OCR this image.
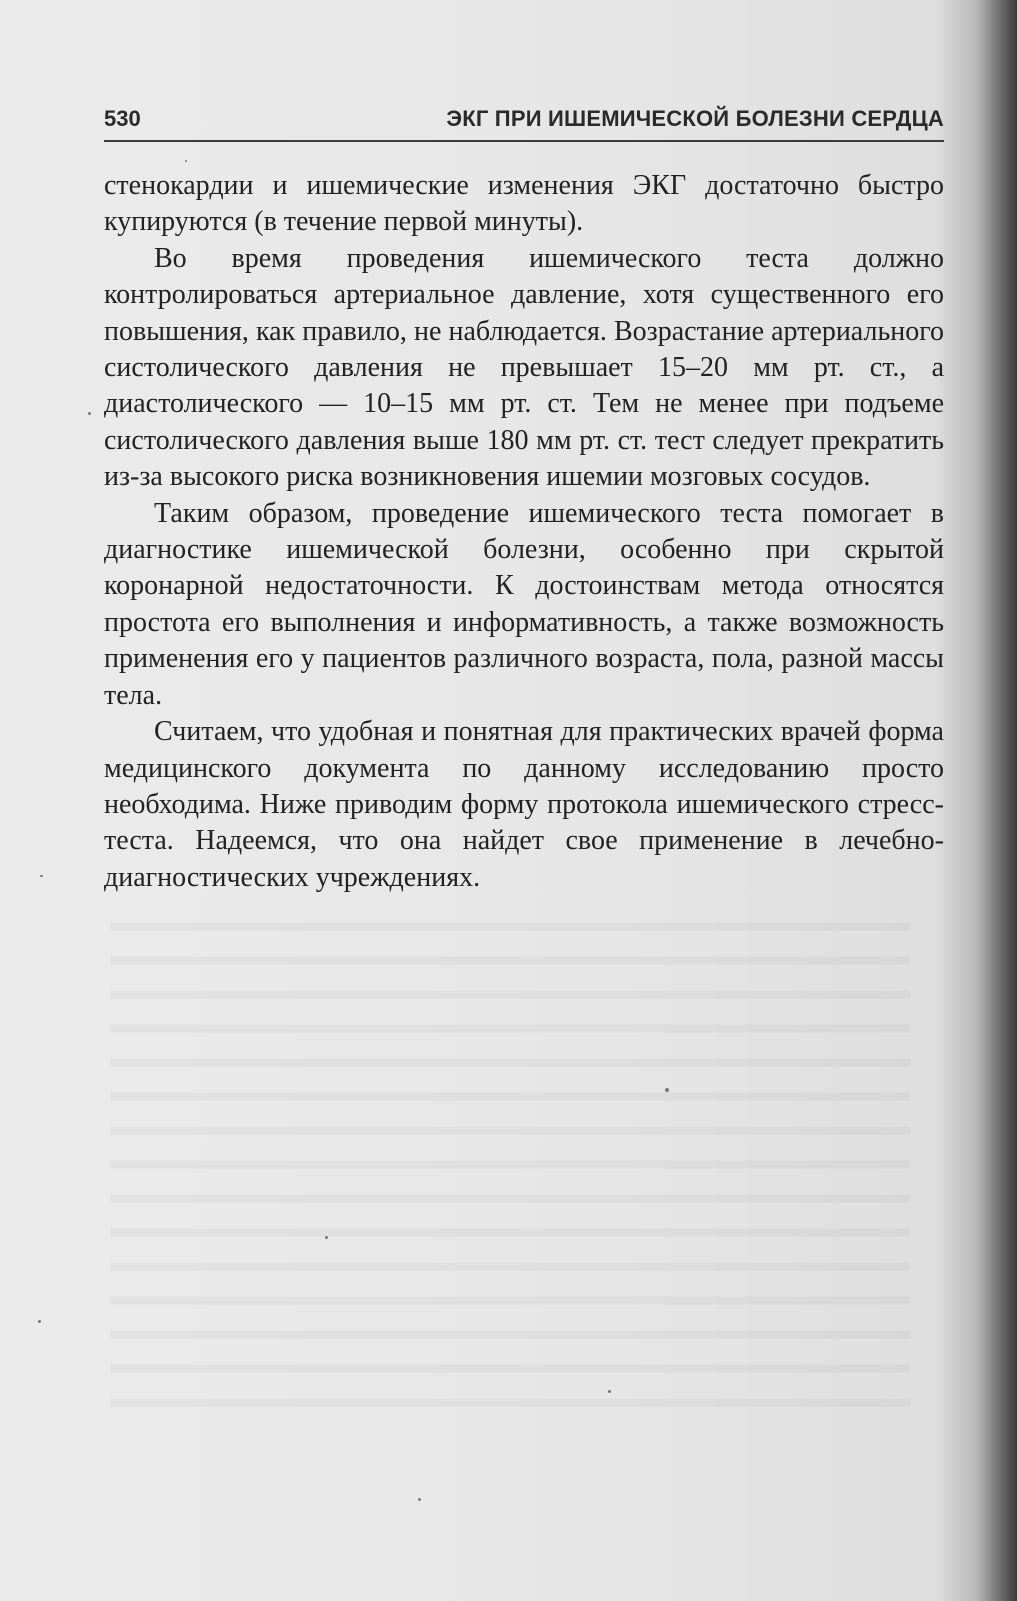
530	ЭКГ ПРИ ИШЕМИЧЕСКОЙ БОЛЕЗНИ СЕРДЦА

стенокардии и ишемические изменения ЭКГ достаточно быстро купируются (в течение первой минуты).

Во время проведения ишемического теста должно контролироваться артериальное давление, хотя существенного его повышения, как правило, не наблюдается. Возрастание артериального систолического давления не превышает 15–20 мм рт. ст., а диастолического — 10–15 мм рт. ст. Тем не менее при подъеме систолического давления выше 180 мм рт. ст. тест следует прекратить из-за высокого риска возникновения ишемии мозговых сосудов.

Таким образом, проведение ишемического теста помогает в диагностике ишемической болезни, особенно при скрытой коронарной недостаточности. К достоинствам метода относятся простота его выполнения и информативность, а также возможность применения его у пациентов различного возраста, пола, разной массы тела.

Считаем, что удобная и понятная для практических врачей форма медицинского документа по данному исследованию просто необходима. Ниже приводим форму протокола ишемического стресс-теста. Надеемся, что она найдет свое применение в лечебно-диагностических учреждениях.
